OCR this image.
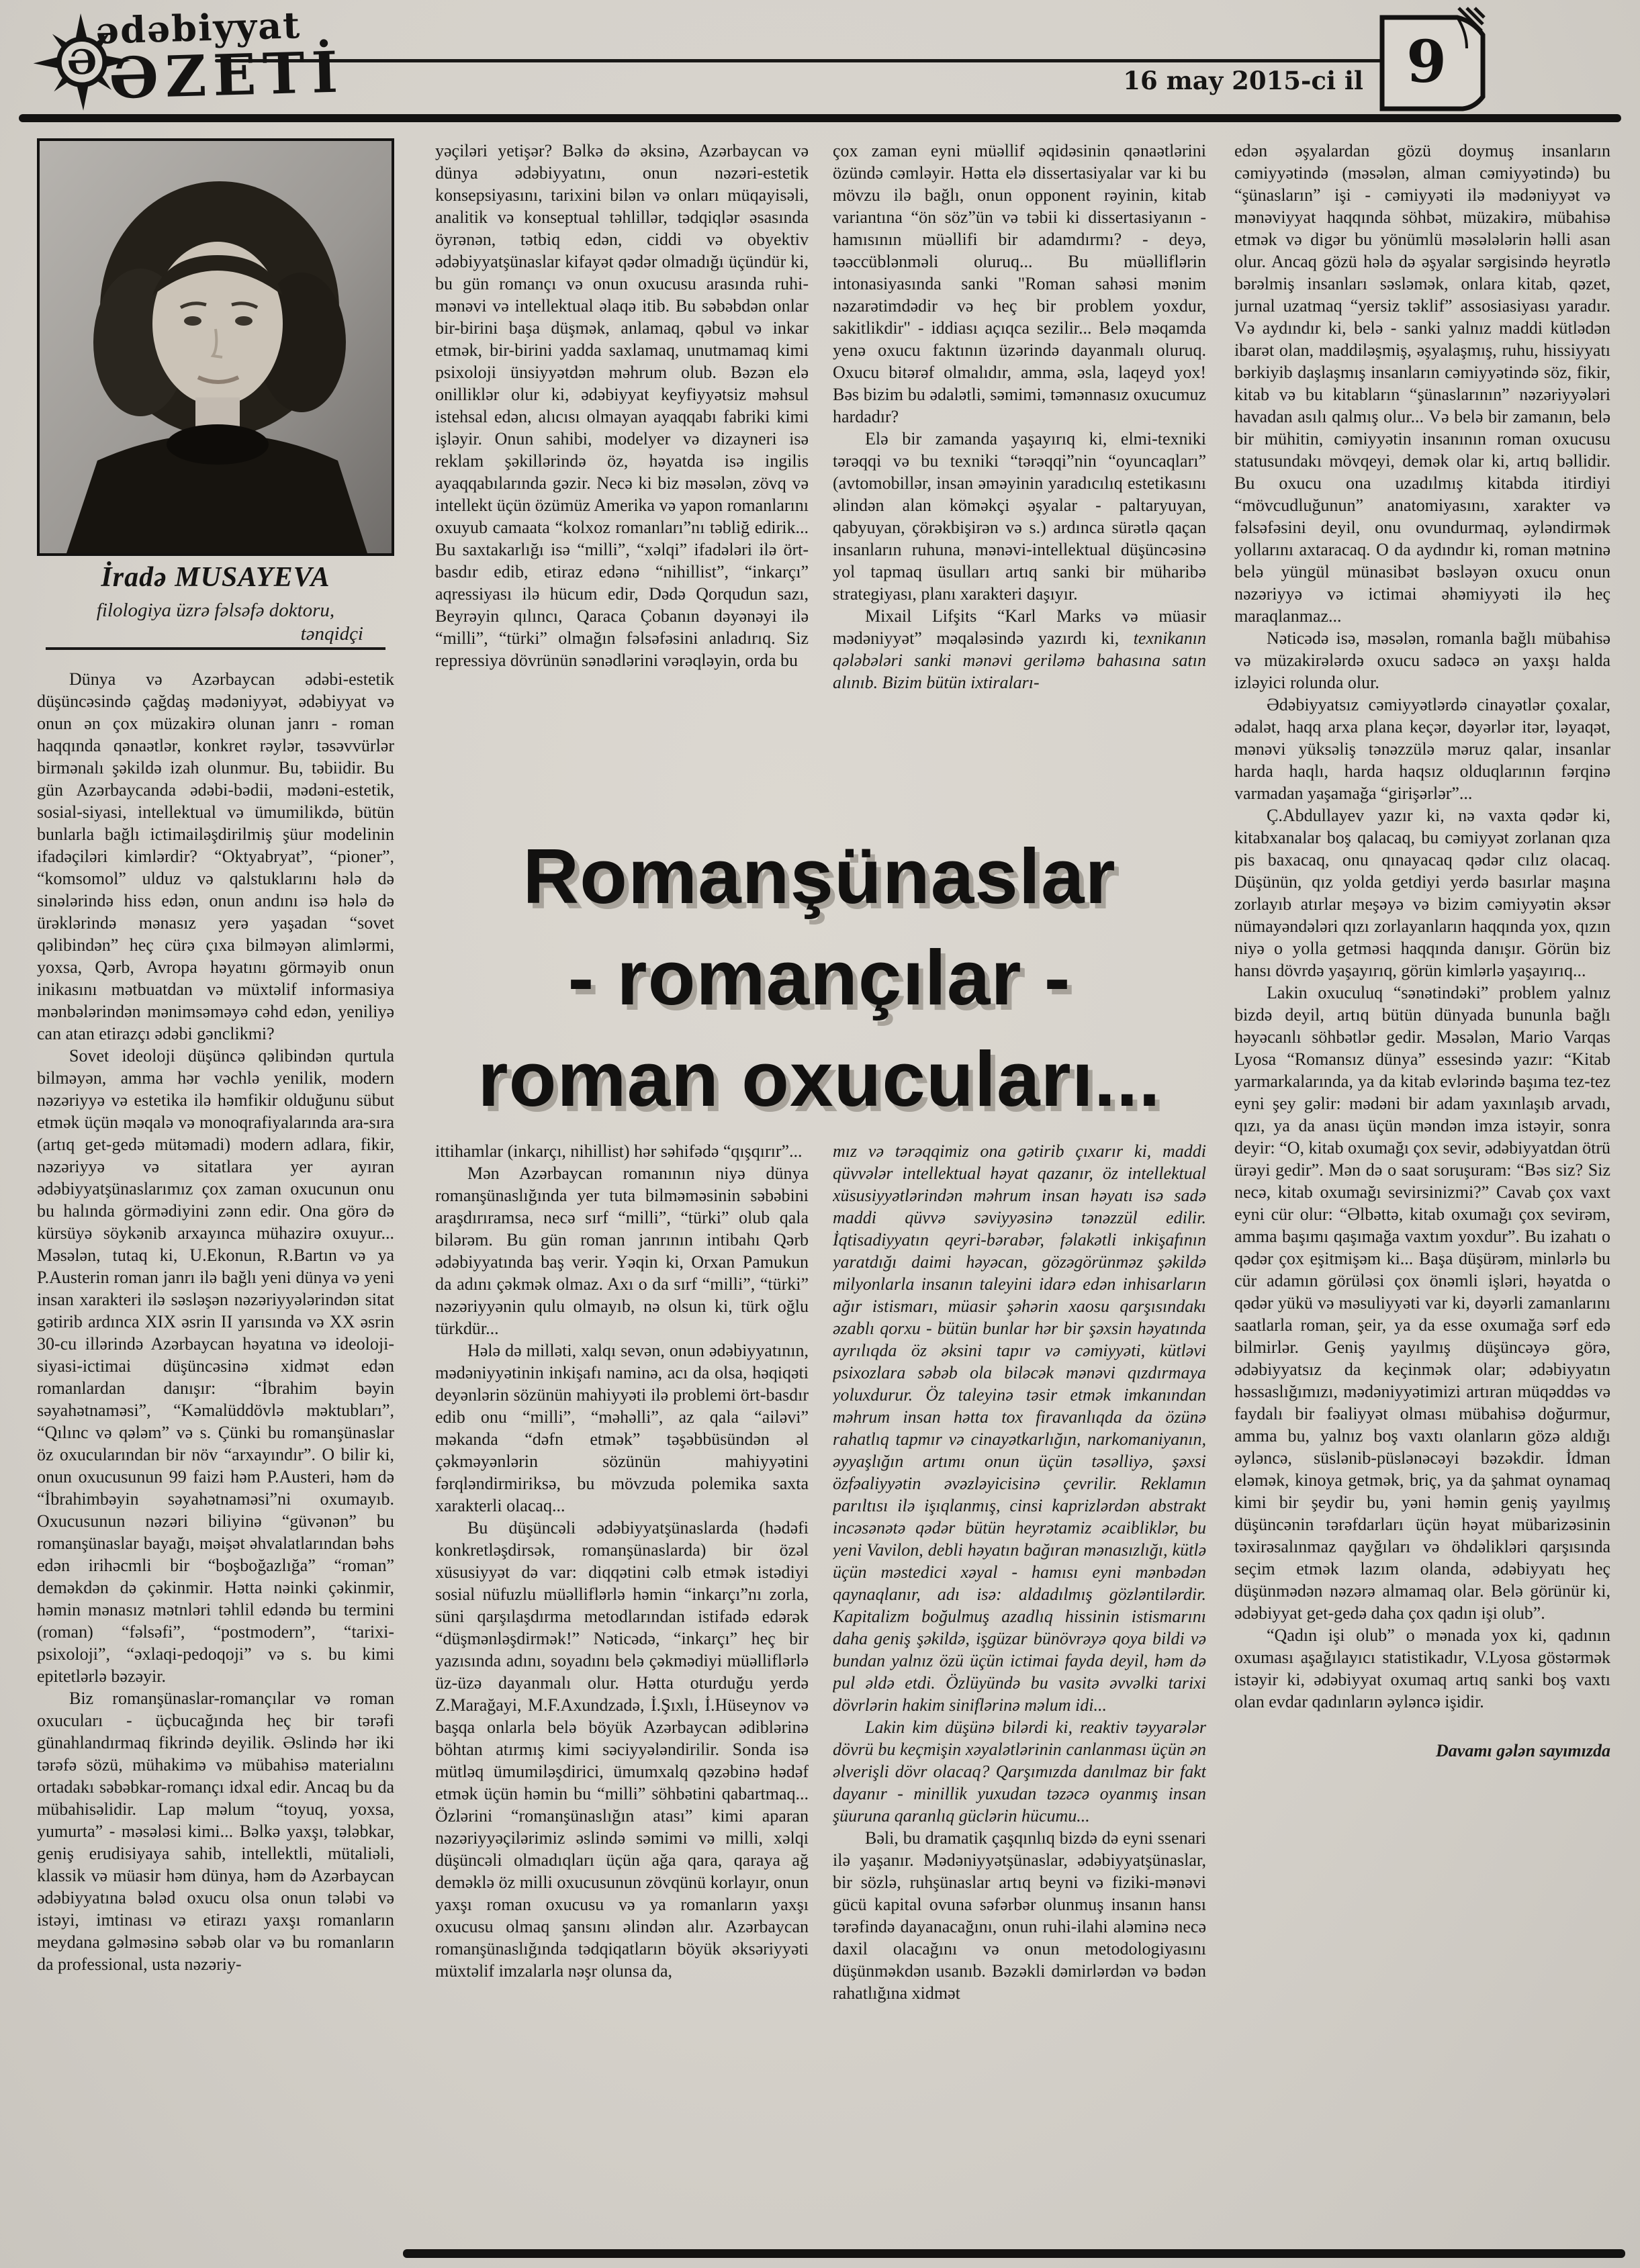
Ə
ədəbiyyat
ƏZETİ	16 may 2015-ci il 9
İradə MUSAYEVA
filologiya üzrə fəlsəfə doktoru,
tənqidçi
Romanşünaslar
- romançılar -
roman oxucuları...

Dünya və Azərbaycan ədəbi-estetik düşüncəsində çağdaş mədəniyyət, ədəbiyyat və onun ən çox müzakirə olunan janrı - roman haqqında qənaətlər, konkret rəylər, təsəvvürlər birmənalı şəkildə izah olunmur. Bu, təbiidir. Bu gün Azərbaycanda ədəbi-bədii, mədəni-estetik, sosial-siyasi, intellektual və ümumilikdə, bütün bunlarla bağlı ictimailəşdirilmiş şüur modelinin ifadəçiləri kimlərdir? “Oktyabryat”, “pioner”, “komsomol” ulduz və qalstuklarını hələ də sinələrində hiss edən, onun andını isə hələ də ürəklərində mənasız yerə yaşadan “sovet qəlibindən” heç cürə çıxa bilməyən alimlərmi, yoxsa, Qərb, Avropa həyatını görməyib onun inikasını mətbuatdan və müxtəlif informasiya mənbələrindən mənimsəməyə cəhd edən, yeniliyə can atan etirazçı ədəbi gənclikmi?

Sovet ideoloji düşüncə qəlibindən qurtula bilməyən, amma hər vəchlə yenilik, modern nəzəriyyə və estetika ilə həmfikir olduğunu sübut etmək üçün məqalə və monoqrafiyalarında ara-sıra (artıq get-gedə mütəmadi) modern adlara, fikir, nəzəriyyə və sitatlara yer ayıran ədəbiyyatşünaslarımız çox zaman oxucunun onu bu halında görmədiyini zənn edir. Ona görə də kürsüyə söykənib arxayınca mühazirə oxuyur... Məsələn, tutaq ki, U.Ekonun, R.Bartın və ya P.Austerin roman janrı ilə bağlı yeni dünya və yeni insan xarakteri ilə səsləşən nəzəriyyələrindən sitat gətirib ardınca XIX əsrin II yarısında və XX əsrin 30-cu illərində Azərbaycan həyatına və ideoloji-siyasi-ictimai düşüncəsinə xidmət edən romanlardan danışır: “İbrahim bəyin səyahətnaməsi”, “Kəmalüddövlə məktubları”, “Qılınc və qələm” və s. Çünki bu romanşünaslar öz oxucularından bir növ “arxayındır”. O bilir ki, onun oxucusunun 99 faizi həm P.Austeri, həm də “İbrahimbəyin səyahətnaməsi”ni oxumayıb. Oxucusunun nəzəri biliyinə “güvənən” bu romanşünaslar bayağı, məişət əhvalatlarından bəhs edən irihəcmli bir “boşboğazlığa” “roman” deməkdən də çəkinmir. Hətta nəinki çəkinmir, həmin mənasız mətnləri təhlil edəndə bu termini (roman) “fəlsəfi”, “postmodern”, “tarixi-psixoloji”, “əxlaqi-pedoqoji” və s. bu kimi epitetlərlə bəzəyir.

Biz romanşünaslar-romançılar və roman oxucuları - üçbucağında heç bir tərəfi günahlandırmaq fikrində deyilik. Əslində hər iki tərəfə sözü, mühakimə və mübahisə materialını ortadakı səbəbkar-romançı idxal edir. Ancaq bu da mübahisəlidir. Lap məlum “toyuq, yoxsa, yumurta” - məsələsi kimi... Bəlkə yaxşı, tələbkar, geniş erudisiyaya sahib, intellektli, mütaliəli, klassik və müasir həm dünya, həm də Azərbaycan ədəbiyyatına bələd oxucu olsa onun tələbi və istəyi, imtinası və etirazı yaxşı romanların meydana gəlməsinə səbəb olar və bu romanların da professional, usta nəzəriy-

yəçiləri yetişər? Bəlkə də əksinə, Azərbaycan və dünya ədəbiyyatını, onun nəzəri-estetik konsepsiyasını, tarixini bilən və onları müqayisəli, analitik və konseptual təhlillər, tədqiqlər əsasında öyrənən, tətbiq edən, ciddi və obyektiv ədəbiyyatşünaslar kifayət qədər olmadığı üçündür ki, bu gün romançı və onun oxucusu arasında ruhi-mənəvi və intellektual əlaqə itib. Bu səbəbdən onlar bir-birini başa düşmək, anlamaq, qəbul və inkar etmək, bir-birini yadda saxlamaq, unutmamaq kimi psixoloji ünsiyyətdən məhrum olub. Bəzən elə onilliklər olur ki, ədəbiyyat keyfiyyətsiz məhsul istehsal edən, alıcısı olmayan ayaqqabı fabriki kimi işləyir. Onun sahibi, modelyer və dizayneri isə reklam şəkillərində öz, həyatda isə ingilis ayaqqabılarında gəzir. Necə ki biz məsələn, zövq və intellekt üçün özümüz Amerika və yapon romanlarını oxuyub camaata “kolxoz romanları”nı təbliğ edirik... Bu saxtakarlığı isə “milli”, “xəlqi” ifadələri ilə ört-basdır edib, etiraz edənə “nihillist”, “inkarçı” aqressiyası ilə hücum edir, Dədə Qorqudun sazı, Beyrəyin qılıncı, Qaraca Çobanın dəyənəyi ilə “milli”, “türki” olmağın fəlsəfəsini anladırıq. Siz repressiya dövrünün sənədlərini vərəqləyin, orda bu

ittihamlar (inkarçı, nihillist) hər səhifədə “qışqırır”...

Mən Azərbaycan romanının niyə dünya romanşünaslığında yer tuta bilməməsinin səbəbini araşdırıramsa, necə sırf “milli”, “türki” olub qala bilərəm. Bu gün roman janrının intibahı Qərb ədəbiyyatında baş verir. Yəqin ki, Orxan Pamukun da adını çəkmək olmaz. Axı o da sırf “milli”, “türki” nəzəriyyənin qulu olmayıb, nə olsun ki, türk oğlu türkdür...

Hələ də milləti, xalqı sevən, onun ədəbiyyatının, mədəniyyətinin inkişafı naminə, acı da olsa, həqiqəti deyənlərin sözünün mahiyyəti ilə problemi ört-basdır edib onu “milli”, “məhəlli”, az qala “ailəvi” məkanda “dəfn etmək” təşəbbüsündən əl çəkməyənlərin sözünün mahiyyətini fərqləndirmiriksə, bu mövzuda polemika saxta xarakterli olacaq...

Bu düşüncəli ədəbiyyatşünaslarda (hədəfi konkretləşdirsək, romanşünaslarda) bir özəl xüsusiyyət də var: diqqətini cəlb etmək istədiyi sosial nüfuzlu müəlliflərlə həmin “inkarçı”nı zorla, süni qarşılaşdırma metodlarından istifadə edərək “düşmənləşdirmək!” Nəticədə, “inkarçı” heç bir yazısında adını, soyadını belə çəkmədiyi müəlliflərlə üz-üzə dayanmalı olur. Hətta oturduğu yerdə Z.Marağayi, M.F.Axundzadə, İ.Şıxlı, İ.Hüseynov və başqa onlarla belə böyük Azərbaycan ədiblərinə böhtan atırmış kimi səciyyələndirilir. Sonda isə mütləq ümumiləşdirici, ümumxalq qəzəbinə hədəf etmək üçün həmin bu “milli” söhbətini qabartmaq... Özlərini “romanşünaslığın atası” kimi aparan nəzəriyyəçilərimiz əslində səmimi və milli, xəlqi düşüncəli olmadıqları üçün ağa qara, qaraya ağ deməklə öz milli oxucusunun zövqünü korlayır, onun yaxşı roman oxucusu və ya romanların yaxşı oxucusu olmaq şansını əlindən alır. Azərbaycan romanşünaslığında tədqiqatların böyük əksəriyyəti müxtəlif imzalarla nəşr olunsa da,

çox zaman eyni müəllif əqidəsinin qənaətlərini özündə cəmləyir. Hətta elə dissertasiyalar var ki bu mövzu ilə bağlı, onun opponent rəyinin, kitab variantına “ön söz”ün və təbii ki dissertasiyanın - hamısının müəllifi bir adamdırmı? - deyə, təəccüblənməli oluruq... Bu müəlliflərin intonasiyasında sanki "Roman sahəsi mənim nəzarətimdədir və heç bir problem yoxdur, sakitlikdir" - iddiası açıqca sezilir... Belə məqamda yenə oxucu faktının üzərində dayanmalı oluruq. Oxucu bitərəf olmalıdır, amma, əsla, laqeyd yox! Bəs bizim bu ədalətli, səmimi, təmənnasız oxucumuz hardadır?

Elə bir zamanda yaşayırıq ki, elmi-texniki tərəqqi və bu texniki “tərəqqi”nin “oyuncaqları” (avtomobillər, insan əməyinin yaradıcılıq estetikasını əlindən alan köməkçi əşyalar - paltaryuyan, qabyuyan, çörəkbişirən və s.) ardınca sürətlə qaçan insanların ruhuna, mənəvi-intellektual düşüncəsinə yol tapmaq üsulları artıq sanki bir müharibə strategiyası, planı xarakteri daşıyır.

Mixail Lifşits “Karl Marks və müasir mədəniyyət” məqaləsində yazırdı ki, texnikanın qələbələri sanki mənəvi geriləmə bahasına satın alınıb. Bizim bütün ixtiraları-

mız və tərəqqimiz ona gətirib çıxarır ki, maddi qüvvələr intellektual həyat qazanır, öz intellektual xüsusiyyətlərindən məhrum insan həyatı isə sadə maddi qüvvə səviyyəsinə tənəzzül edilir. İqtisadiyyatın qeyri-bərabər, fəlakətli inkişafının yaratdığı daimi həyəcan, gözəgörünməz şəkildə milyonlarla insanın taleyini idarə edən inhisarların ağır istismarı, müasir şəhərin xaosu qarşısındakı əzablı qorxu - bütün bunlar hər bir şəxsin həyatında ayrılıqda öz əksini tapır və cəmiyyəti, kütləvi psixozlara səbəb ola biləcək mənəvi qızdırmaya yoluxdurur. Öz taleyinə təsir etmək imkanından məhrum insan hətta tox firavanlıqda da özünə rahatlıq tapmır və cinayətkarlığın, narkomaniyanın, əyyaşlığın artımı onun üçün təsəlliyə, şəxsi özfəaliyyətin əvəzləyicisinə çevrilir. Reklamın parıltısı ilə işıqlanmış, cinsi kaprizlərdən abstrakt incəsənətə qədər bütün heyrətamiz əcaibliklər, bu yeni Vavilon, debli həyatın bağıran mənasızlığı, kütlə üçün məstedici xəyal - hamısı eyni mənbədən qaynaqlanır, adı isə: aldadılmış gözləntilərdir. Kapitalizm boğulmuş azadlıq hissinin istismarını daha geniş şəkildə, işgüzar bünövrəyə qoya bildi və bundan yalnız özü üçün ictimai fayda deyil, həm də pul əldə etdi. Özlüyündə bu vasitə əvvəlki tarixi dövrlərin hakim siniflərinə məlum idi...

Lakin kim düşünə bilərdi ki, reaktiv təyyarələr dövrü bu keçmişin xəyalətlərinin canlanması üçün ən əlverişli dövr olacaq? Qarşımızda danılmaz bir fakt dayanır - minillik yuxudan təzəcə oyanmış insan şüuruna qaranlıq güclərin hücumu...

Bəli, bu dramatik çaşqınlıq bizdə də eyni ssenari ilə yaşanır. Mədəniyyətşünaslar, ədəbiyyatşünaslar, bir sözlə, ruhşünaslar artıq beyni və fiziki-mənəvi gücü kapital ovuna səfərbər olunmuş insanın hansı tərəfində dayanacağını, onun ruhi-ilahi aləminə necə daxil olacağını və onun metodologiyasını düşünməkdən usanıb. Bəzəkli dəmirlərdən və bədən rahatlığına xidmət

edən əşyalardan gözü doymuş insanların cəmiyyətində (məsələn, alman cəmiyyətində) bu “şünasların” işi - cəmiyyəti ilə mədəniyyət və mənəviyyat haqqında söhbət, müzakirə, mübahisə etmək və digər bu yönümlü məsələlərin həlli asan olur. Ancaq gözü hələ də əşyalar sərgisində heyrətlə bərəlmiş insanları səsləmək, onlara kitab, qəzet, jurnal uzatmaq “yersiz təklif” assosiasiyası yaradır. Və aydındır ki, belə - sanki yalnız maddi kütlədən ibarət olan, maddiləşmiş, əşyalaşmış, ruhu, hissiyyatı bərkiyib daşlaşmış insanların cəmiyyətində söz, fikir, kitab və bu kitabların “şünaslarının” nəzəriyyələri havadan asılı qalmış olur... Və belə bir zamanın, belə bir mühitin, cəmiyyətin insanının roman oxucusu statusundakı mövqeyi, demək olar ki, artıq bəllidir. Bu oxucu ona uzadılmış kitabda itirdiyi “mövcudluğunun” anatomiyasını, xarakter və fəlsəfəsini deyil, onu ovundurmaq, əyləndirmək yollarını axtaracaq. O da aydındır ki, roman mətninə belə yüngül münasibət bəsləyən oxucu onun nəzəriyyə və ictimai əhəmiyyəti ilə heç maraqlanmaz...

Nəticədə isə, məsələn, romanla bağlı mübahisə və müzakirələrdə oxucu sadəcə ən yaxşı halda izləyici rolunda olur.

Ədəbiyyatsız cəmiyyətlərdə cinayətlər çoxalar, ədalət, haqq arxa plana keçər, dəyərlər itər, ləyaqət, mənəvi yüksəliş tənəzzülə məruz qalar, insanlar harda haqlı, harda haqsız olduqlarının fərqinə varmadan yaşamağa “girişərlər”...

Ç.Abdullayev yazır ki, nə vaxta qədər ki, kitabxanalar boş qalacaq, bu cəmiyyət zorlanan qıza pis baxacaq, onu qınayacaq qədər cılız olacaq. Düşünün, qız yolda getdiyi yerdə basırlar maşına zorlayıb atırlar meşəyə və bizim cəmiyyətin əksər nümayəndələri qızı zorlayanların haqqında yox, qızın niyə o yolla getməsi haqqında danışır. Görün biz hansı dövrdə yaşayırıq, görün kimlərlə yaşayırıq...

Lakin oxuculuq “sənətindəki” problem yalnız bizdə deyil, artıq bütün dünyada bununla bağlı həyəcanlı söhbətlər gedir. Məsələn, Mario Varqas Lyosa “Romansız dünya” essesində yazır: “Kitab yarmarkalarında, ya da kitab evlərində başıma tez-tez eyni şey gəlir: mədəni bir adam yaxınlaşıb arvadı, qızı, ya da anası üçün məndən imza istəyir, sonra deyir: “O, kitab oxumağı çox sevir, ədəbiyyatdan ötrü ürəyi gedir”. Mən də o saat soruşuram: “Bəs siz? Siz necə, kitab oxumağı sevirsinizmi?” Cavab çox vaxt eyni cür olur: “Əlbəttə, kitab oxumağı çox sevirəm, amma başımı qaşımağa vaxtım yoxdur”. Bu izahatı o qədər çox eşitmişəm ki... Başa düşürəm, minlərlə bu cür adamın görüləsi çox önəmli işləri, həyatda o qədər yükü və məsuliyyəti var ki, dəyərli zamanlarını saatlarla roman, şeir, ya da esse oxumağa sərf edə bilmirlər. Geniş yayılmış düşüncəyə görə, ədəbiyyatsız da keçinmək olar; ədəbiyyatın həssaslığımızı, mədəniyyətimizi artıran müqəddəs və faydalı bir fəaliyyət olması mübahisə doğurmur, amma bu, yalnız boş vaxtı olanların gözə aldığı əyləncə, süslənib-püslənəcəyi bəzəkdir. İdman eləmək, kinoya getmək, briç, ya da şahmat oynamaq kimi bir şeydir bu, yəni həmin geniş yayılmış düşüncənin tərəfdarları üçün həyat mübarizəsinin təxirəsalınmaz qayğıları və öhdəlikləri qarşısında seçim etmək lazım olanda, ədəbiyyatı heç düşünmədən nəzərə almamaq olar. Belə görünür ki, ədəbiyyat get-gedə daha çox qadın işi olub”.

“Qadın işi olub” o mənada yox ki, qadının oxuması aşağılayıcı statistikadır, V.Lyosa göstərmək istəyir ki, ədəbiyyat oxumaq artıq sanki boş vaxtı olan evdar qadınların əyləncə işidir.

Davamı gələn sayımızda
